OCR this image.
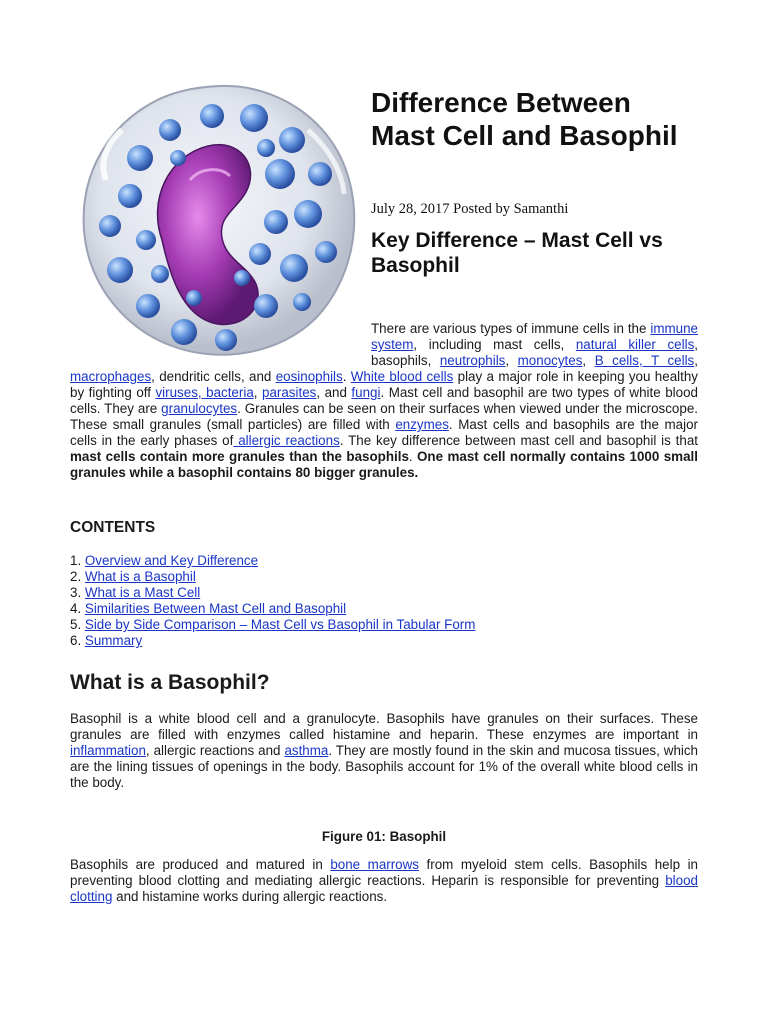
Difference Between Mast Cell and Basophil

July 28, 2017 Posted by Samanthi

Key Difference – Mast Cell vs Basophil

There are various types of immune cells in the immune system, including mast cells, natural killer cells, basophils, neutrophils, monocytes, B cells, T cells, macrophages, dendritic cells, and eosinophils. White blood cells play a major role in keeping you healthy by fighting off viruses, bacteria, parasites, and fungi. Mast cell and basophil are two types of white blood cells. They are granulocytes. Granules can be seen on their surfaces when viewed under the microscope. These small granules (small particles) are filled with enzymes. Mast cells and basophils are the major cells in the early phases of allergic reactions. The key difference between mast cell and basophil is that mast cells contain more granules than the basophils. One mast cell normally contains 1000 small granules while a basophil contains 80 bigger granules.

CONTENTS
1. Overview and Key Difference
2. What is a Basophil
3. What is a Mast Cell
4. Similarities Between Mast Cell and Basophil
5. Side by Side Comparison – Mast Cell vs Basophil in Tabular Form
6. Summary
What is a Basophil?

Basophil is a white blood cell and a granulocyte. Basophils have granules on their surfaces. These granules are filled with enzymes called histamine and heparin. These enzymes are important in inflammation, allergic reactions and asthma. They are mostly found in the skin and mucosa tissues, which are the lining tissues of openings in the body. Basophils account for 1% of the overall white blood cells in the body.

Figure 01: Basophil

Basophils are produced and matured in bone marrows from myeloid stem cells. Basophils help in preventing blood clotting and mediating allergic reactions. Heparin is responsible for preventing blood clotting and histamine works during allergic reactions.
